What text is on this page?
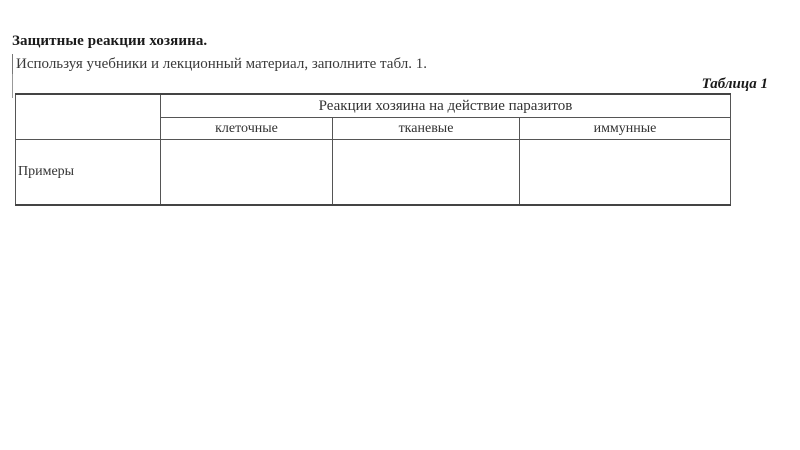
Защитные реакции хозяина.
Используя учебники и лекционный материал, заполните табл. 1.
Таблица 1
	Реакции хозяина на действие паразитов		
	клеточные	тканевые	иммунные
Примеры			
